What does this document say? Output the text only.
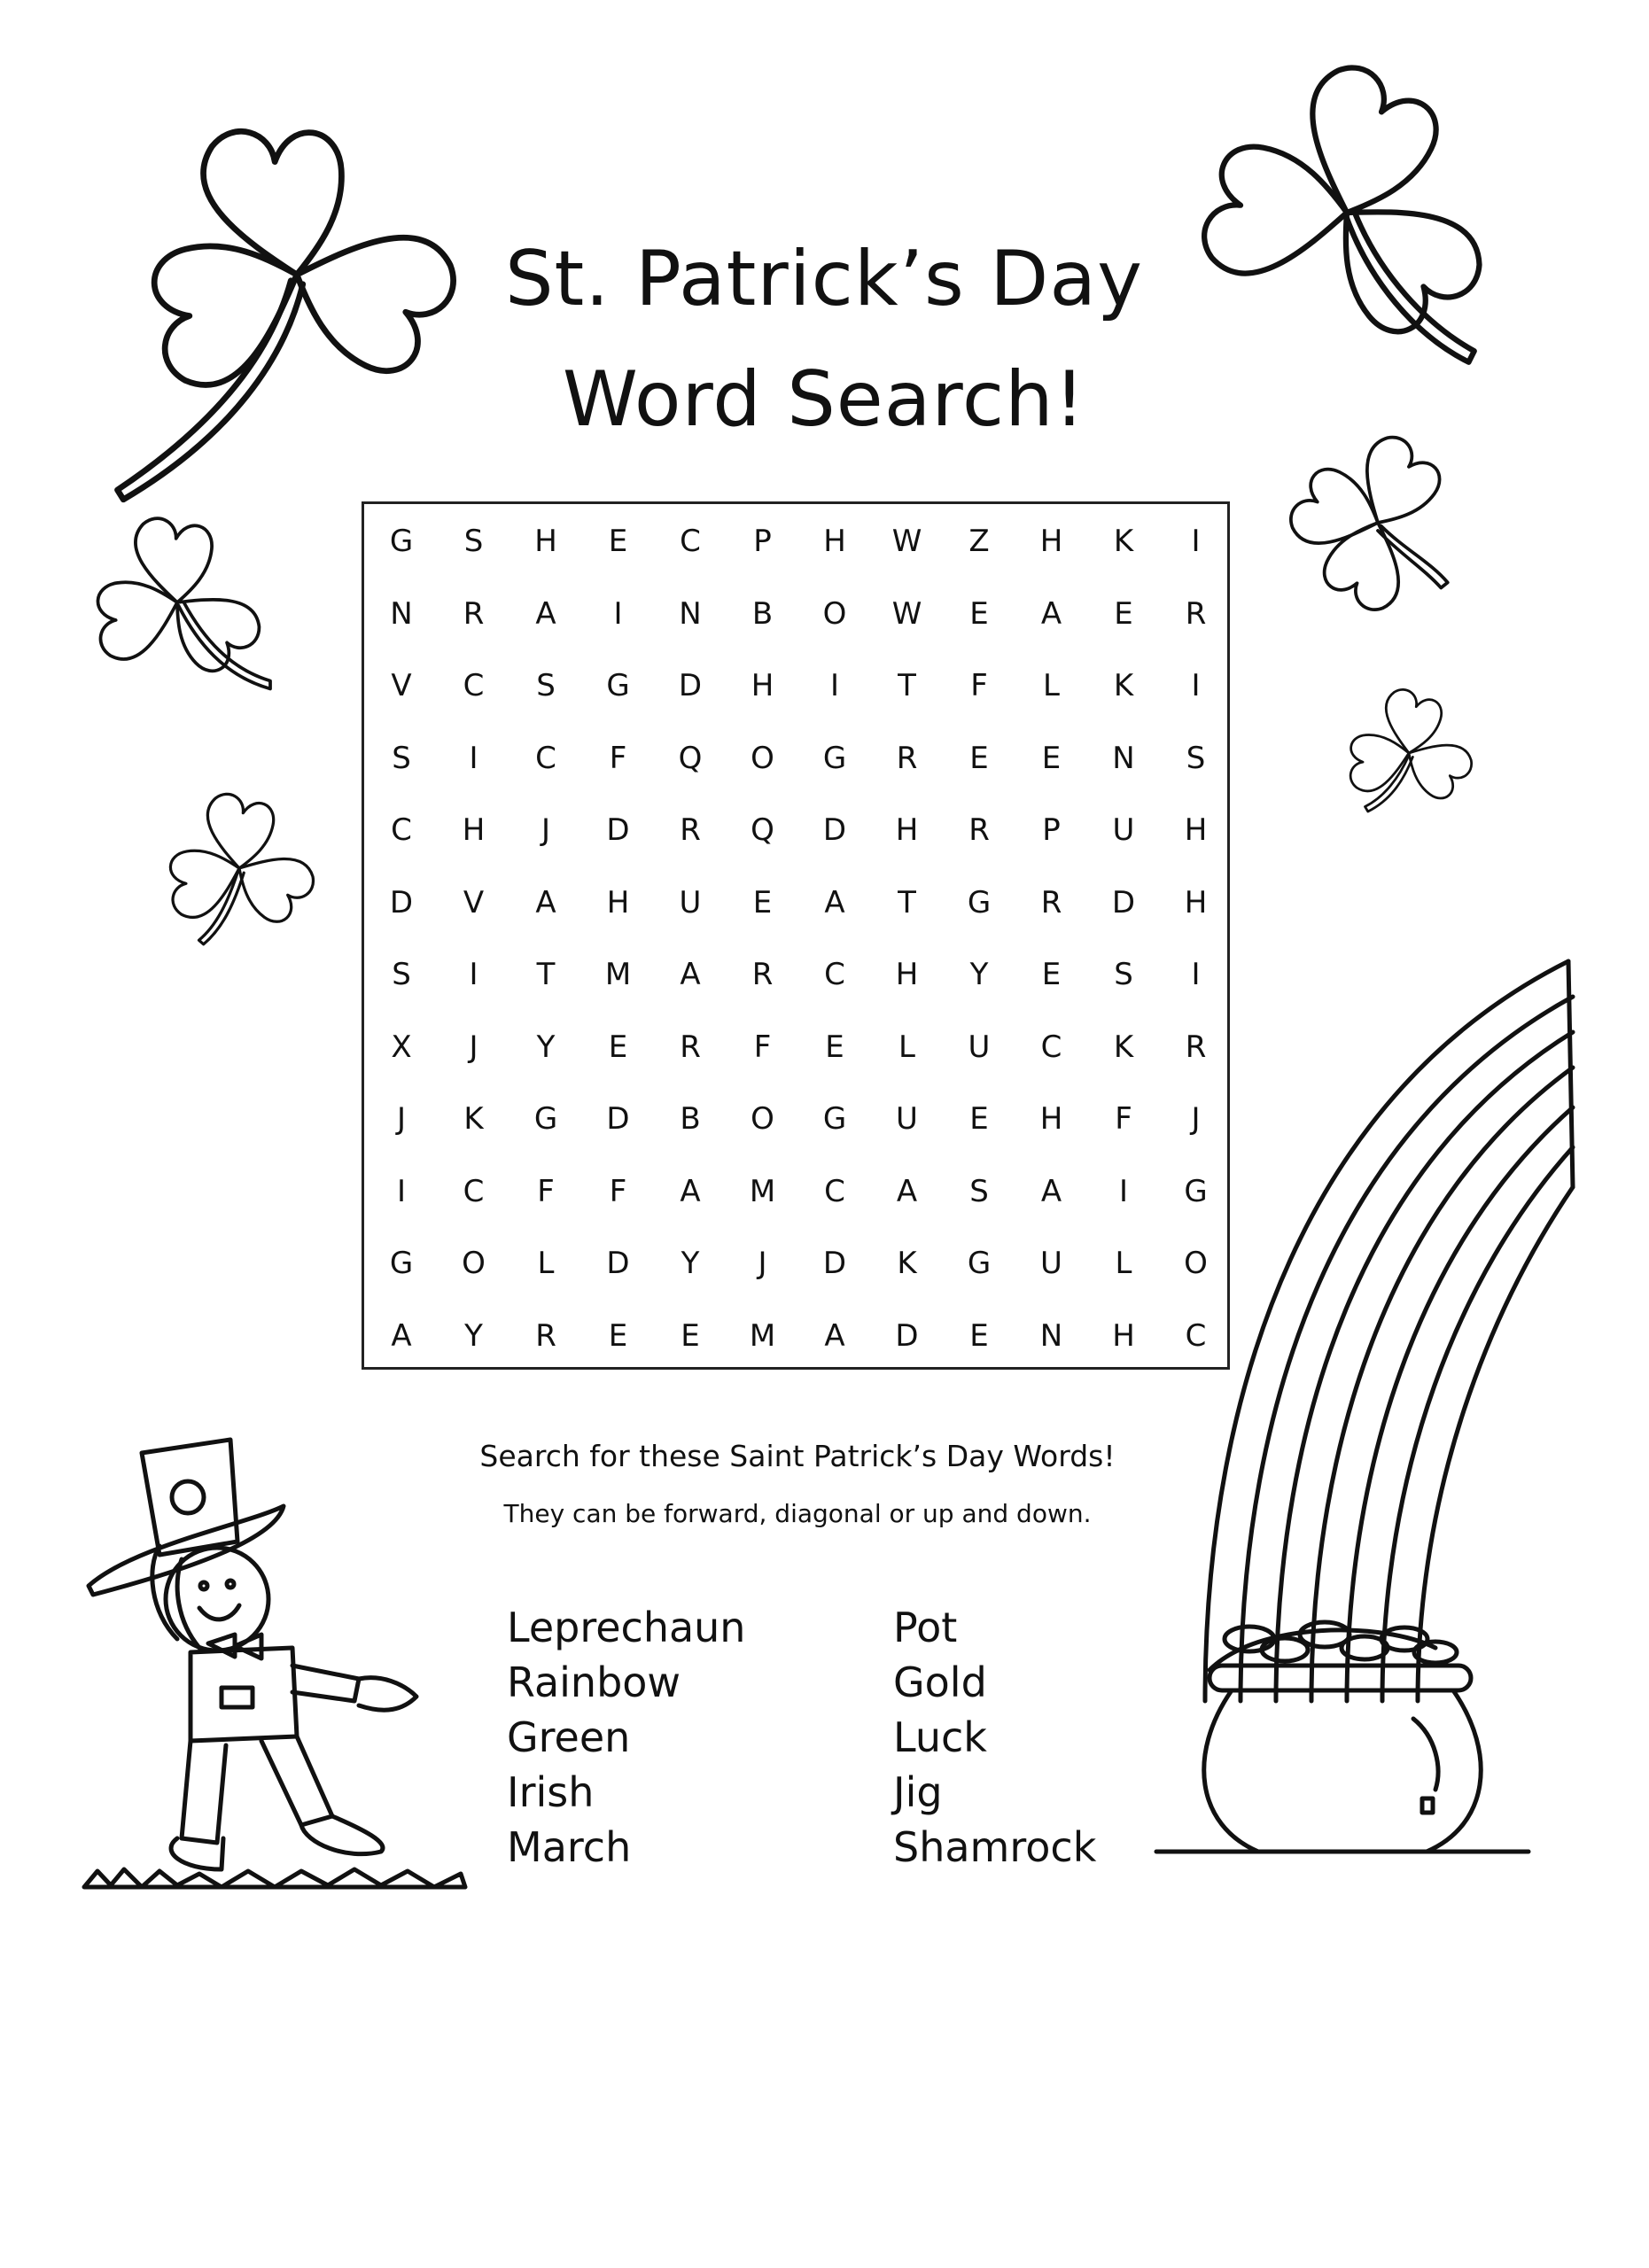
St. Patrick’s Day
Word Search!
G	S	H	E	C	P	H	W	Z	H	K	I
N	R	A	I	N	B	O	W	E	A	E	R
V	C	S	G	D	H	I	T	F	L	K	I
S	I	C	F	Q	O	G	R	E	E	N	S
C	H	J	D	R	Q	D	H	R	P	U	H
D	V	A	H	U	E	A	T	G	R	D	H
S	I	T	M	A	R	C	H	Y	E	S	I
X	J	Y	E	R	F	E	L	U	C	K	R
J	K	G	D	B	O	G	U	E	H	F	J
I	C	F	F	A	M	C	A	S	A	I	G
G	O	L	D	Y	J	D	K	G	U	L	O
A	Y	R	E	E	M	A	D	E	N	H	C
Search for these Saint Patrick’s Day Words!
They can be forward, diagonal or up and down.
Leprechaun
Rainbow
Green
Irish
March
Pot
Gold
Luck
Jig
Shamrock
